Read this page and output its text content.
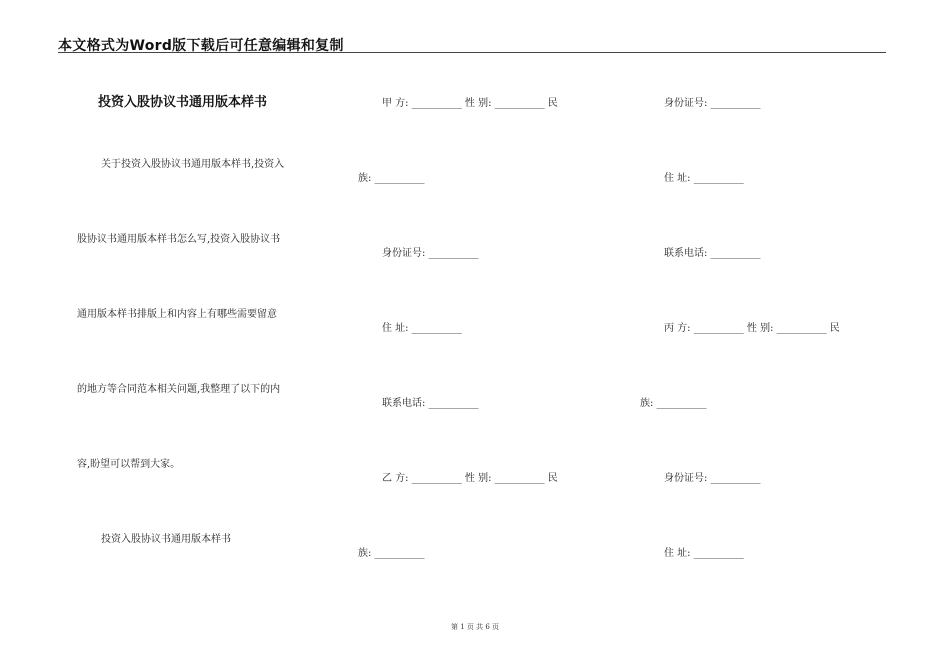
本文格式为Word版下载后可任意编辑和复制
投资入股协议书通用版本样书
关于投资入股协议书通用版本样书,投资入
股协议书通用版本样书怎么写,投资入股协议书
通用版本样书排版上和内容上有哪些需要留意
的地方等合同范本相关问题,我整理了以下的内
容,盼望可以帮到大家。
投资入股协议书通用版本样书
甲 方: __________ 性 别: __________ 民
族: __________
身份证号: __________
住 址: __________
联系电话: __________
乙 方: __________ 性 别: __________ 民
族: __________
身份证号: __________
住 址: __________
联系电话: __________
丙 方: __________ 性 别: __________ 民
族: __________
身份证号: __________
住 址: __________
第 1 页 共 6 页
